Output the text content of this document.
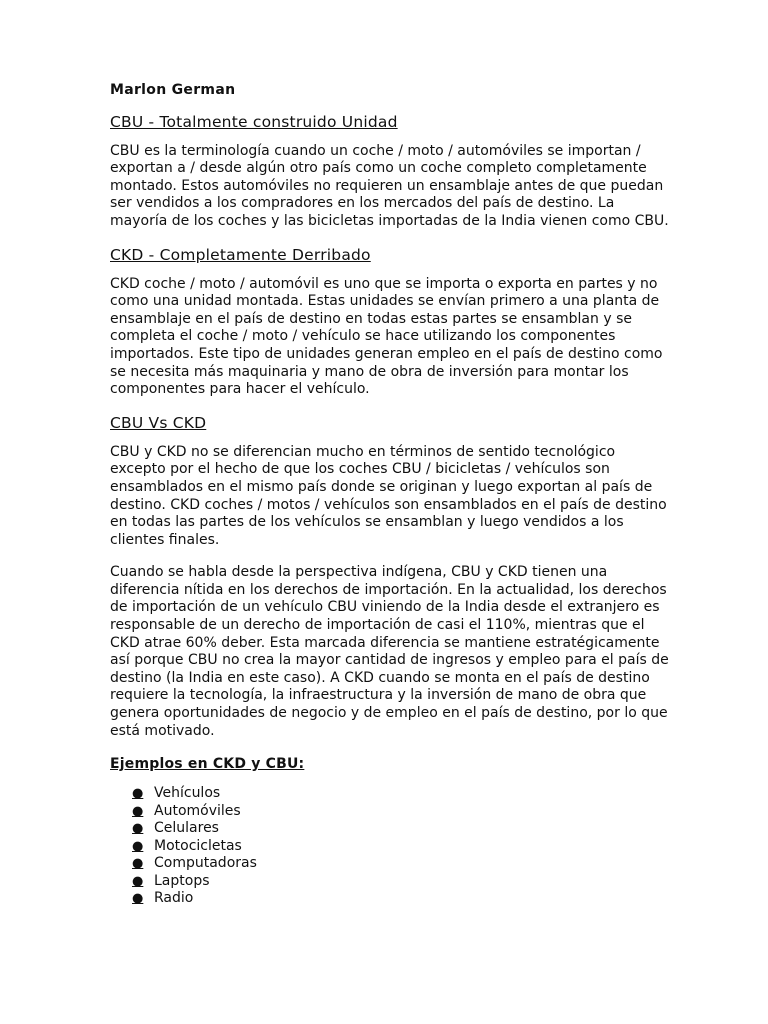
Marlon German
CBU - Totalmente construido Unidad

CBU es la terminología cuando un coche / moto / automóviles se importan / exportan a / desde algún otro país como un coche completo completamente montado. Estos automóviles no requieren un ensamblaje antes de que puedan ser vendidos a los compradores en los mercados del país de destino. La mayoría de los coches y las bicicletas importadas de la India vienen como CBU.

CKD - Completamente Derribado

CKD coche / moto / automóvil es uno que se importa o exporta en partes y no como una unidad montada. Estas unidades se envían primero a una planta de ensamblaje en el país de destino en todas estas partes se ensamblan y se completa el coche / moto / vehículo se hace utilizando los componentes importados. Este tipo de unidades generan empleo en el país de destino como se necesita más maquinaria y mano de obra de inversión para montar los componentes para hacer el vehículo.

CBU Vs CKD

CBU y CKD no se diferencian mucho en términos de sentido tecnológico excepto por el hecho de que los coches CBU / bicicletas / vehículos son ensamblados en el mismo país donde se originan y luego exportan al país de destino. CKD coches / motos / vehículos son ensamblados en el país de destino en todas las partes de los vehículos se ensamblan y luego vendidos a los clientes finales.

Cuando se habla desde la perspectiva indígena, CBU y CKD tienen una diferencia nítida en los derechos de importación. En la actualidad, los derechos de importación de un vehículo CBU viniendo de la India desde el extranjero es responsable de un derecho de importación de casi el 110%, mientras que el CKD atrae 60% deber. Esta marcada diferencia se mantiene estratégicamente así porque CBU no crea la mayor cantidad de ingresos y empleo para el país de destino (la India en este caso). A CKD cuando se monta en el país de destino requiere la tecnología, la infraestructura y la inversión de mano de obra que genera oportunidades de negocio y de empleo en el país de destino, por lo que está motivado.

Ejemplos en CKD y CBU:
● Vehículos
● Automóviles
● Celulares
● Motocicletas
● Computadoras
● Laptops
● Radio
